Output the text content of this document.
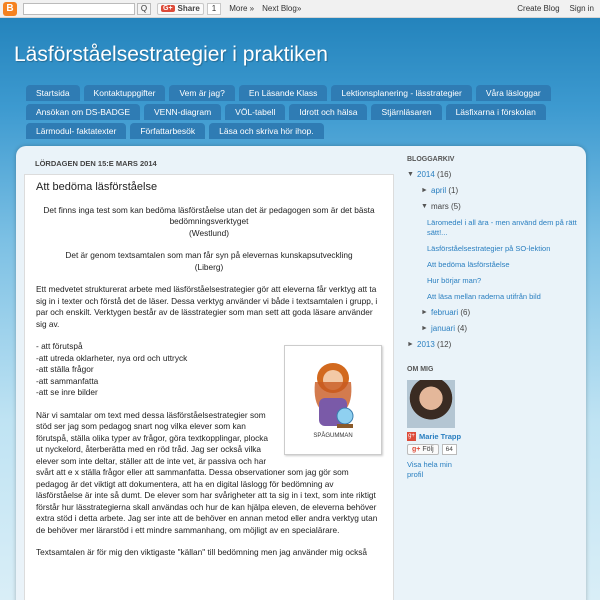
B	Q	G+ Share	1	More » Next Blog»	Create Blog Sign in
Läsförståelsestrategier i praktiken
Startsida	Kontaktuppgifter	Vem är jag?	En Läsande Klass	Lektionsplanering - lässtrategier	Våra läsloggar
Ansökan om DS-BADGE	VENN-diagram	VÖL-tabell	Idrott och hälsa	Stjärnläsaren	Läsfixarna i förskolan
Lärmodul- faktatexter	Författarbesök	Läsa och skriva hör ihop.
LÖRDAGEN DEN 15:E MARS 2014
Att bedöma läsförståelse
Det finns inga test som kan bedöma läsförståelse utan det är pedagogen som är det bästa bedömningsverktyget
(Westlund)
Det är genom textsamtalen som man får syn på elevernas kunskapsutveckling
(Liberg)
Ett medvetet strukturerat arbete med läsförståelsestrategier gör att eleverna får verktyg att ta sig in i texter och förstå det de läser. Dessa verktyg använder vi både i textsamtalen i grupp, i par och enskilt. Verktygen består av de lässtrategier som man sett att goda läsare använder sig av.
SPÅGUMMAN
- att förutspå
-att utreda oklarheter, nya ord och uttryck
-att ställa frågor
-att sammanfatta
-att se inre bilder
När vi samtalar om text med dessa läsförståelsestrategier som stöd ser jag som pedagog snart nog vilka elever som kan förutspå, ställa olika typer av frågor, göra textkopplingar, plocka ut nyckelord, återberätta med en röd tråd. Jag ser också vilka elever som inte deltar, ställer att de inte vet, är passiva och har svårt att e x ställa frågor eller att sammanfatta. Dessa observationer som jag gör som pedagog är det viktigt att dokumentera, att ha en digital läslogg för bedömning av läsförståelse är inte så dumt. De elever som har svårigheter att ta sig in i text, som inte riktigt förstår hur lässtrategierna skall användas och hur de kan hjälpa eleven, de eleverna behöver extra stöd i detta arbete. Jag ser inte att de behöver en annan metod eller andra verktyg utan de behöver mer lärarstöd i ett mindre sammanhang, om möjligt av en specialärare.
Textsamtalen är för mig den viktigaste "källan" till bedömning men jag använder mig också
BLOGGARKIV
▼ 2014
(16)
► april
(1)
▼ mars
(5)
Läromedel i all ära - men använd dem på rätt sätt!...
Läsförståelsestrategier på SO-lektion
Att bedöma läsförståelse
Hur börjar man?
Att läsa mellan raderna utifrån bild
► februari
(6)
► januari
(4)
► 2013
(12)
OM MIG
g+ Marie Trapp
g+ Följ	64
Visa hela min profil
